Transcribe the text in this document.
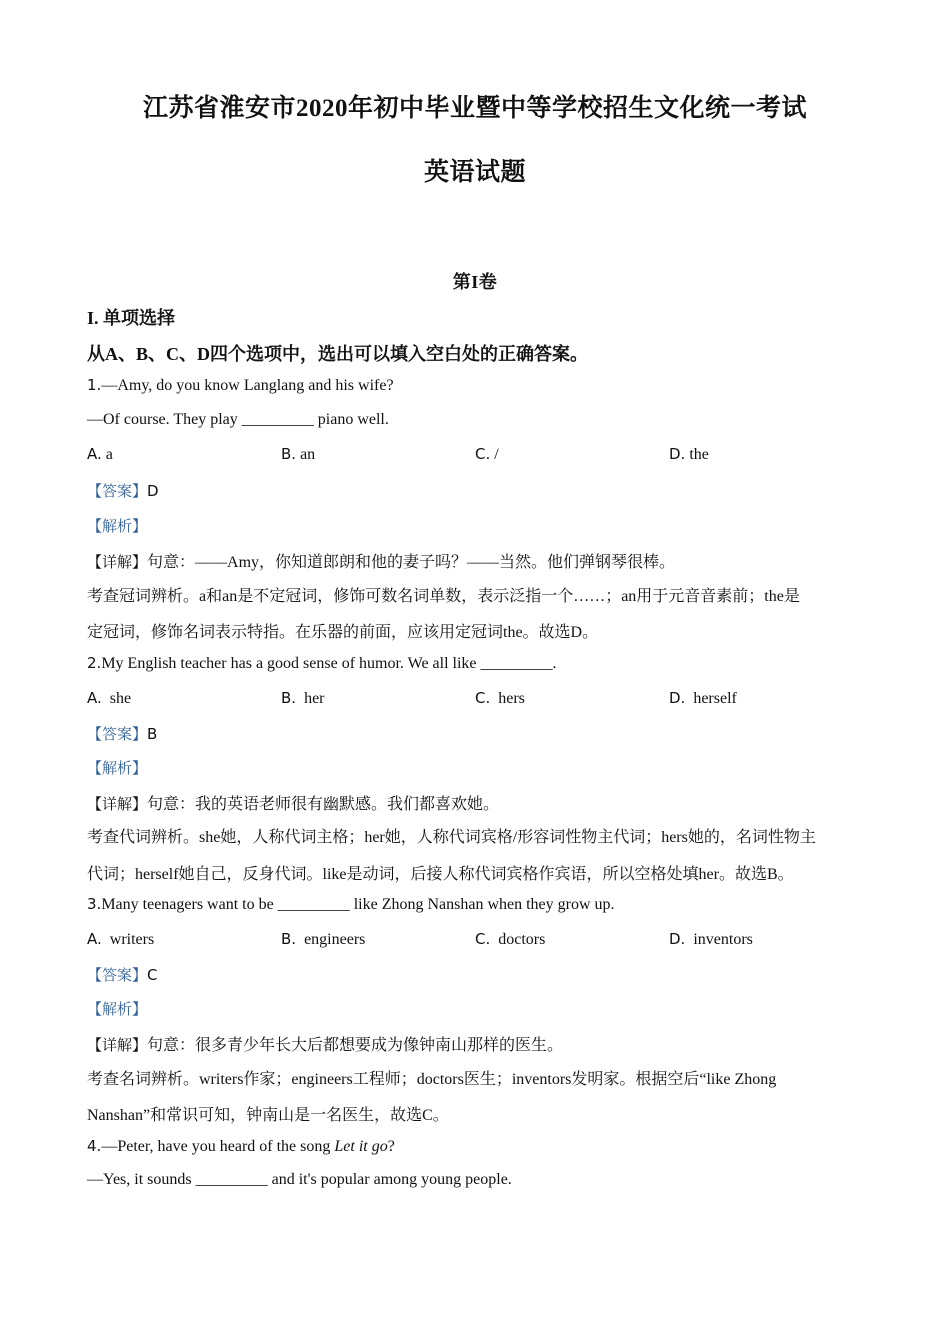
江苏省淮安市2020年初中毕业暨中等学校招生文化统一考试
英语试题
第I卷
I. 单项选择
从A、B、C、D四个选项中，选出可以填入空白处的正确答案。
1.—Amy, do you know Langlang and his wife?
—Of course. They play _________ piano well.
A. a	B. an	C. /	D. the
【答案】D
【解析】
【详解】句意：——Amy，你知道郎朗和他的妻子吗？——当然。他们弹钢琴很棒。
考查冠词辨析。a和an是不定冠词，修饰可数名词单数，表示泛指一个……；an用于元音音素前；the是
定冠词，修饰名词表示特指。在乐器的前面，应该用定冠词the。故选D。
2.My English teacher has a good sense of humor. We all like _________.
A. she	B. her	C. hers	D. herself
【答案】B
【解析】
【详解】句意：我的英语老师很有幽默感。我们都喜欢她。
考查代词辨析。she她，人称代词主格；her她，人称代词宾格/形容词性物主代词；hers她的，名词性物主
代词；herself她自己，反身代词。like是动词，后接人称代词宾格作宾语，所以空格处填her。故选B。
3.Many teenagers want to be _________ like Zhong Nanshan when they grow up.
A. writers	B. engineers	C. doctors	D. inventors
【答案】C
【解析】
【详解】句意：很多青少年长大后都想要成为像钟南山那样的医生。
考查名词辨析。writers作家；engineers工程师；doctors医生；inventors发明家。根据空后“like Zhong
Nanshan”和常识可知，钟南山是一名医生，故选C。
4.—Peter, have you heard of the song Let it go?
—Yes, it sounds _________ and it's popular among young people.
